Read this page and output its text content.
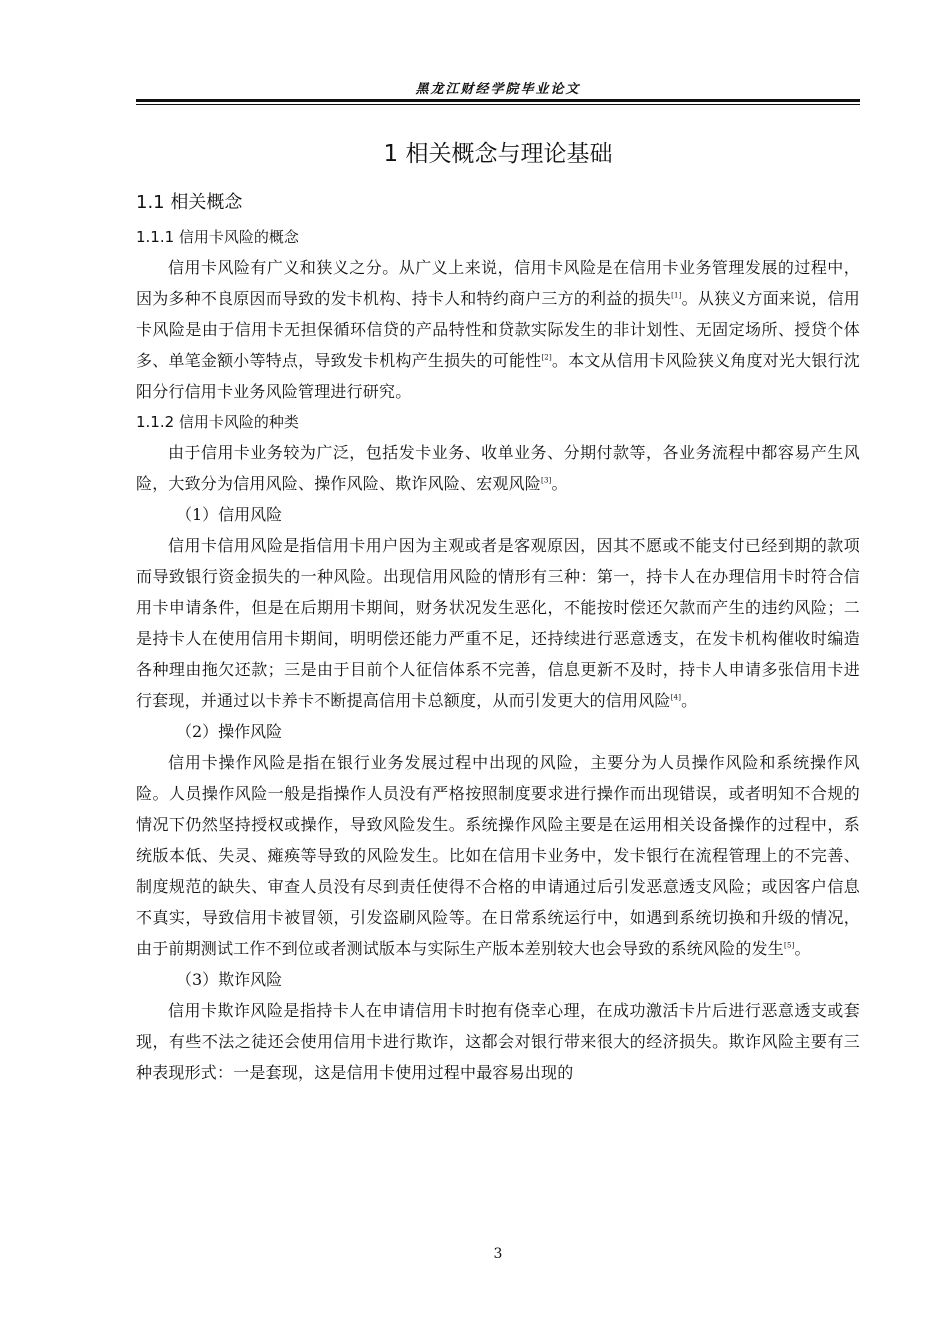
黑龙江财经学院毕业论文
1 相关概念与理论基础
1.1 相关概念
1.1.1 信用卡风险的概念

信用卡风险有广义和狭义之分。从广义上来说，信用卡风险是在信用卡业务管理发展的过程中，因为多种不良原因而导致的发卡机构、持卡人和特约商户三方的利益的损失[1]。从狭义方面来说，信用卡风险是由于信用卡无担保循环信贷的产品特性和贷款实际发生的非计划性、无固定场所、授贷个体多、单笔金额小等特点，导致发卡机构产生损失的可能性[2]。本文从信用卡风险狭义角度对光大银行沈阳分行信用卡业务风险管理进行研究。

1.1.2 信用卡风险的种类

由于信用卡业务较为广泛，包括发卡业务、收单业务、分期付款等，各业务流程中都容易产生风险，大致分为信用风险、操作风险、欺诈风险、宏观风险[3]。

（1）信用风险

信用卡信用风险是指信用卡用户因为主观或者是客观原因，因其不愿或不能支付已经到期的款项而导致银行资金损失的一种风险。出现信用风险的情形有三种：第一，持卡人在办理信用卡时符合信用卡申请条件，但是在后期用卡期间，财务状况发生恶化，不能按时偿还欠款而产生的违约风险；二是持卡人在使用信用卡期间，明明偿还能力严重不足，还持续进行恶意透支，在发卡机构催收时编造各种理由拖欠还款；三是由于目前个人征信体系不完善，信息更新不及时，持卡人申请多张信用卡进行套现，并通过以卡养卡不断提高信用卡总额度，从而引发更大的信用风险[4]。

（2）操作风险

信用卡操作风险是指在银行业务发展过程中出现的风险，主要分为人员操作风险和系统操作风险。人员操作风险一般是指操作人员没有严格按照制度要求进行操作而出现错误，或者明知不合规的情况下仍然坚持授权或操作，导致风险发生。系统操作风险主要是在运用相关设备操作的过程中，系统版本低、失灵、瘫痪等导致的风险发生。比如在信用卡业务中，发卡银行在流程管理上的不完善、制度规范的缺失、审查人员没有尽到责任使得不合格的申请通过后引发恶意透支风险；或因客户信息不真实，导致信用卡被冒领，引发盗刷风险等。在日常系统运行中，如遇到系统切换和升级的情况，由于前期测试工作不到位或者测试版本与实际生产版本差别较大也会导致的系统风险的发生[5]。

（3）欺诈风险

信用卡欺诈风险是指持卡人在申请信用卡时抱有侥幸心理，在成功激活卡片后进行恶意透支或套现，有些不法之徒还会使用信用卡进行欺诈，这都会对银行带来很大的经济损失。欺诈风险主要有三种表现形式：一是套现，这是信用卡使用过程中最容易出现的

3
